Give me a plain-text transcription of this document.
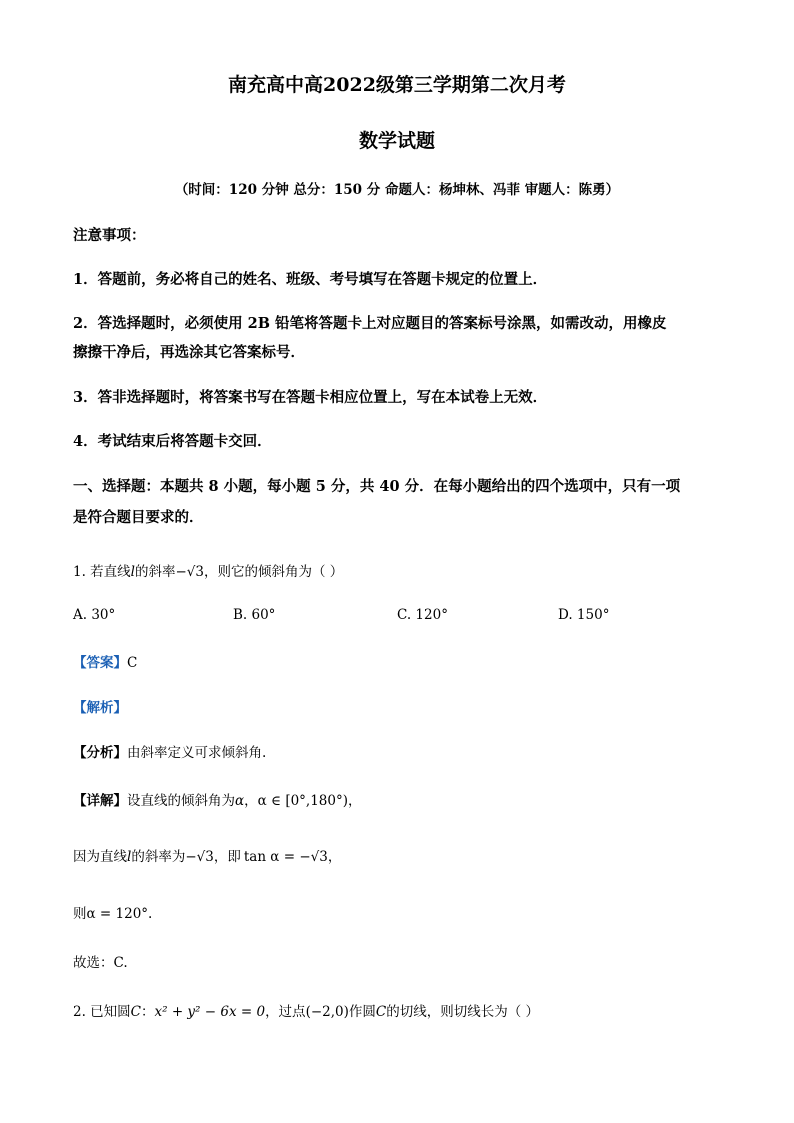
南充高中高2022级第三学期第二次月考
数学试题
（时间：120 分钟 总分：150 分 命题人：杨坤林、冯菲 审题人：陈勇）
注意事项：
1．答题前，务必将自己的姓名、班级、考号填写在答题卡规定的位置上．
2．答选择题时，必须使用 2B 铅笔将答题卡上对应题目的答案标号涂黑，如需改动，用橡皮
擦擦干净后，再选涂其它答案标号．
3．答非选择题时，将答案书写在答题卡相应位置上，写在本试卷上无效．
4．考试结束后将答题卡交回．
一、选择题：本题共 8 小题，每小题 5 分，共 40 分．在每小题给出的四个选项中，只有一项
是符合题目要求的．
1. 若直线l的斜率−√3，则它的倾斜角为（ ）
A. 30°	B. 60°	C. 120°	D. 150°
【答案】C
【解析】
【分析】由斜率定义可求倾斜角.
【详解】设直线的倾斜角为α，α ∈ [0°,180°)，
因为直线l的斜率为−√3，即 tan α = −√3，
则α = 120°.
故选：C.
2. 已知圆C：x² + y² − 6x = 0，过点(−2,0)作圆C的切线，则切线长为（ ）
